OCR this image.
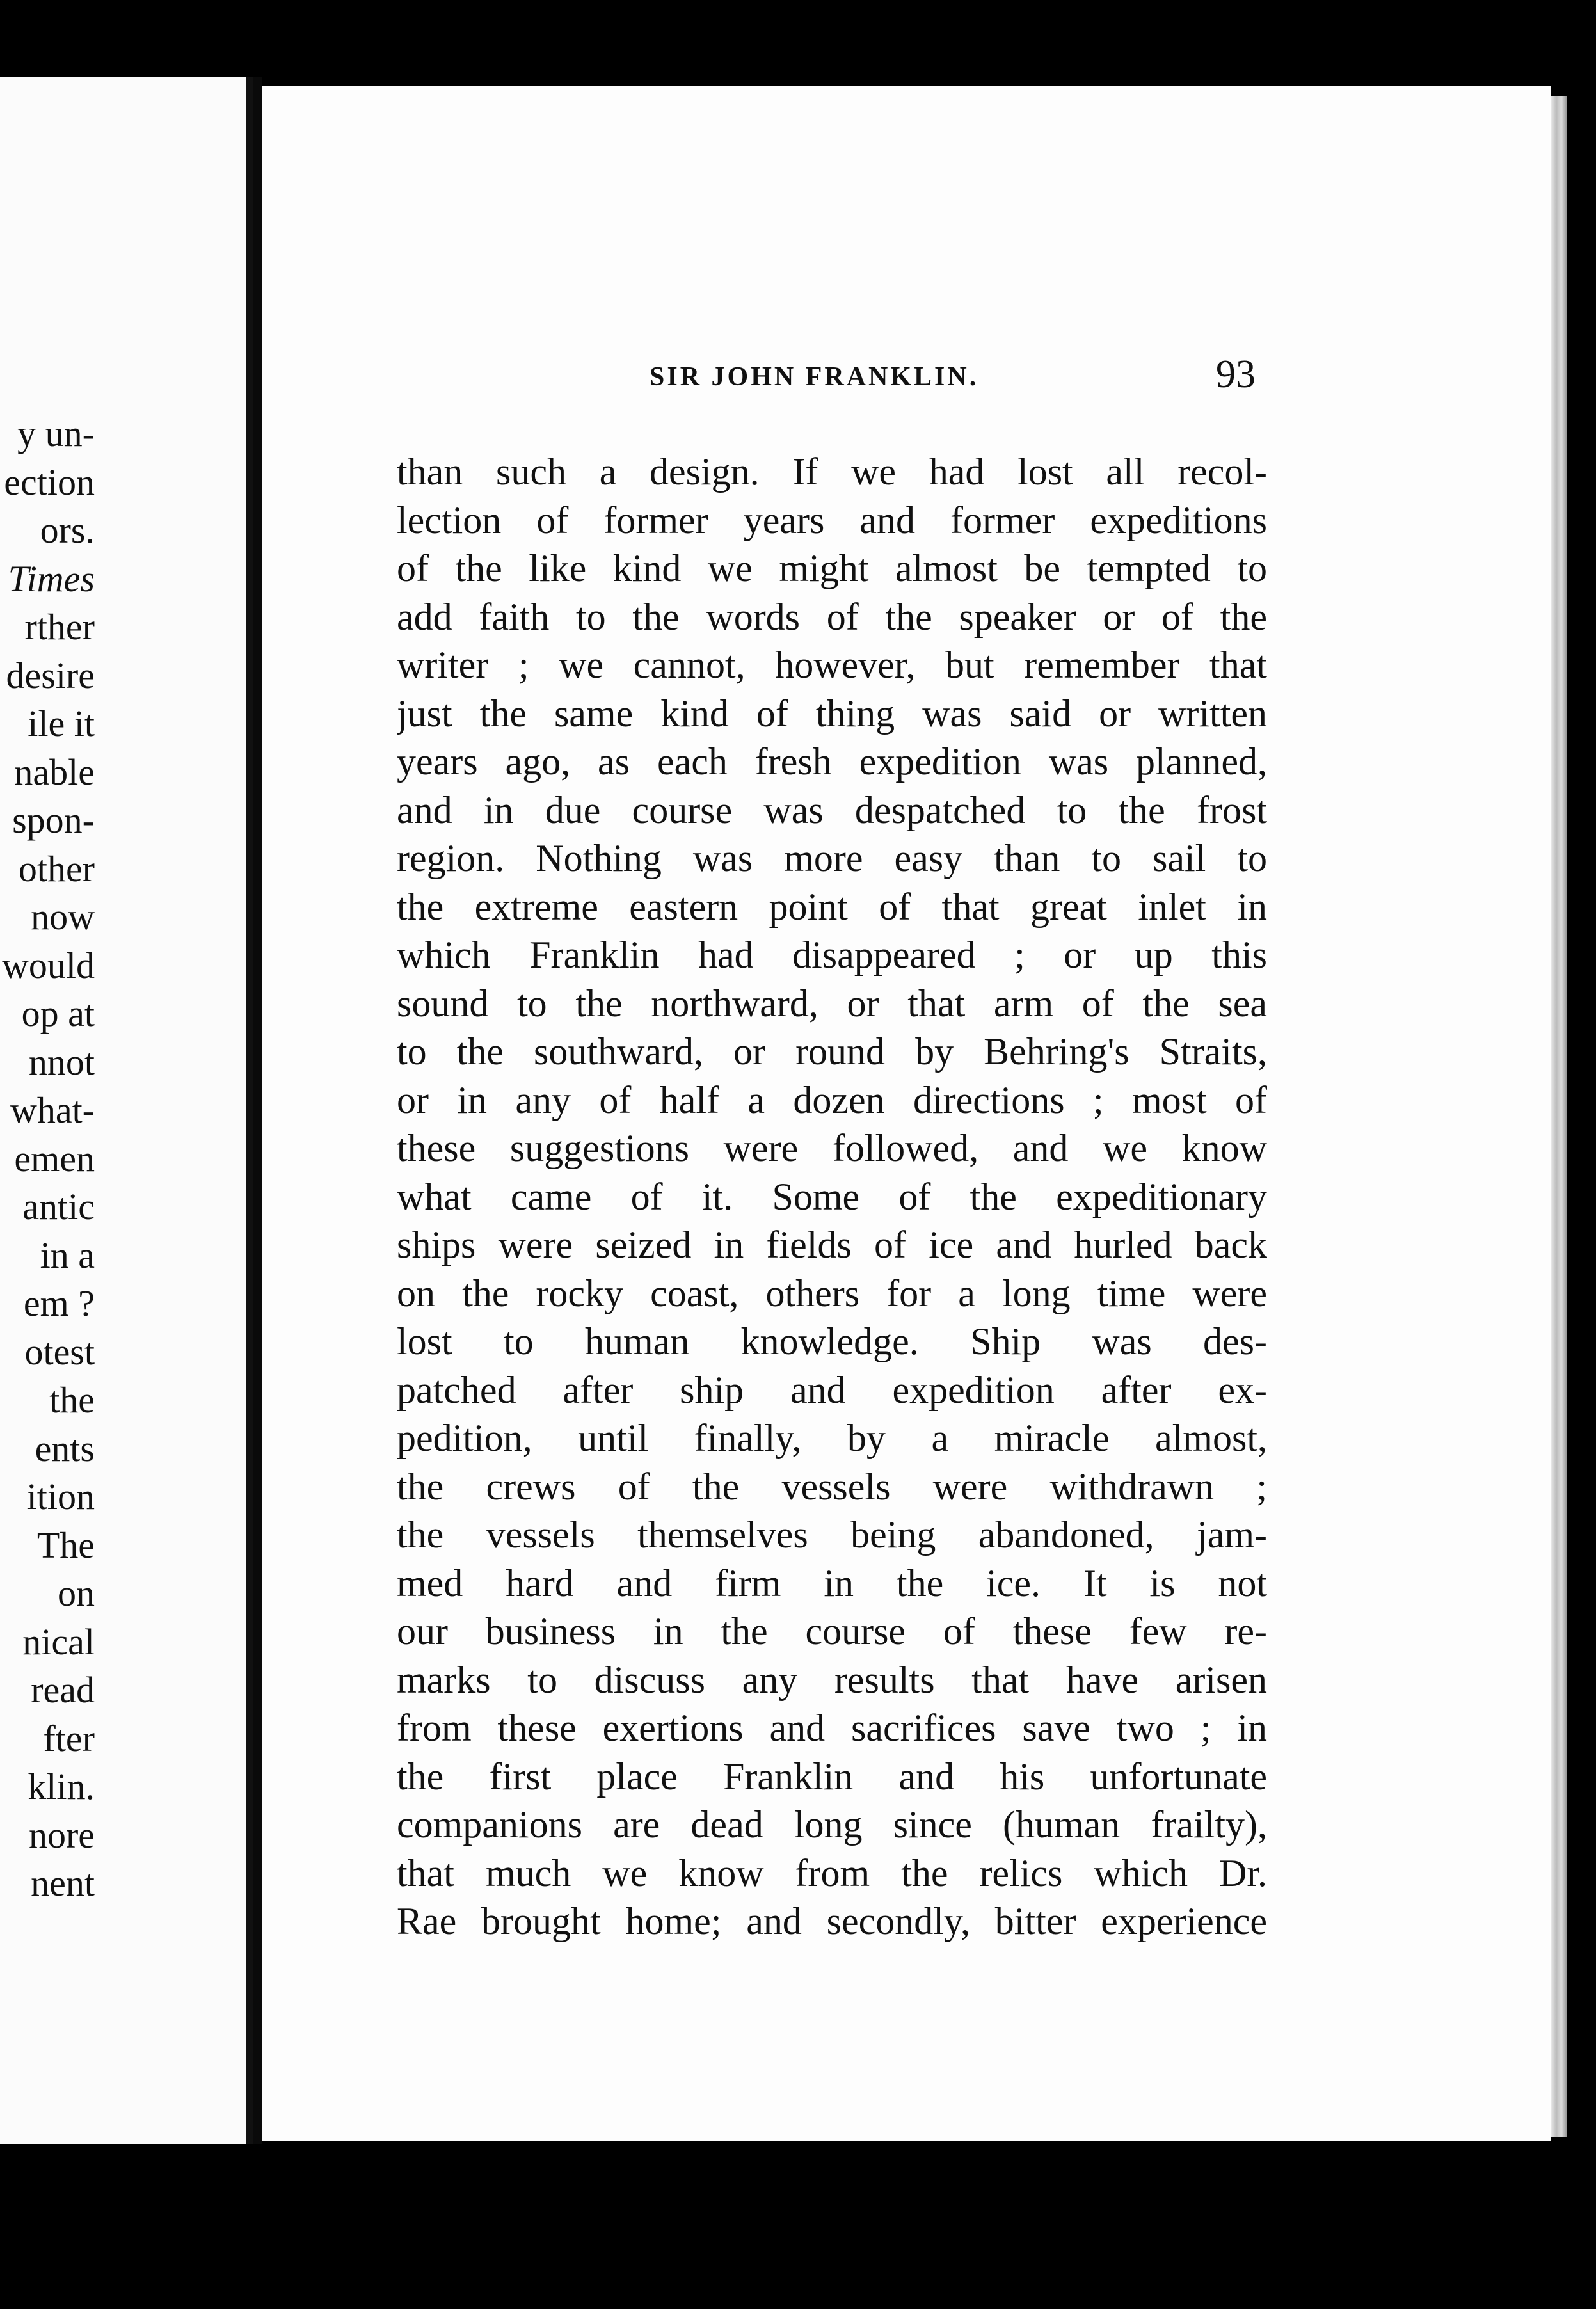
y un-
ection
ors.
Times
rther
desire
ile it
nable
spon-
other
now
would
op at
nnot
what-
emen
antic
in a
em ?
otest
the
ents
ition
The
on
nical
read
fter
klin.
nore
nent
SIR JOHN FRANKLIN.	93
than such a design. If we had lost all recol-
lection of former years and former expeditions
of the like kind we might almost be tempted to
add faith to the words of the speaker or of the
writer ; we cannot, however, but remember that
just the same kind of thing was said or written
years ago, as each fresh expedition was planned,
and in due course was despatched to the frost
region. Nothing was more easy than to sail to
the extreme eastern point of that great inlet in
which Franklin had disappeared ; or up this
sound to the northward, or that arm of the sea
to the southward, or round by Behring's Straits,
or in any of half a dozen directions ; most of
these suggestions were followed, and we know
what came of it. Some of the expeditionary
ships were seized in fields of ice and hurled back
on the rocky coast, others for a long time were
lost to human knowledge. Ship was des-
patched after ship and expedition after ex-
pedition, until finally, by a miracle almost,
the crews of the vessels were withdrawn ;
the vessels themselves being abandoned, jam-
med hard and firm in the ice. It is not
our business in the course of these few re-
marks to discuss any results that have arisen
from these exertions and sacrifices save two ; in
the first place Franklin and his unfortunate
companions are dead long since (human frailty),
that much we know from the relics which Dr.
Rae brought home; and secondly, bitter experience
